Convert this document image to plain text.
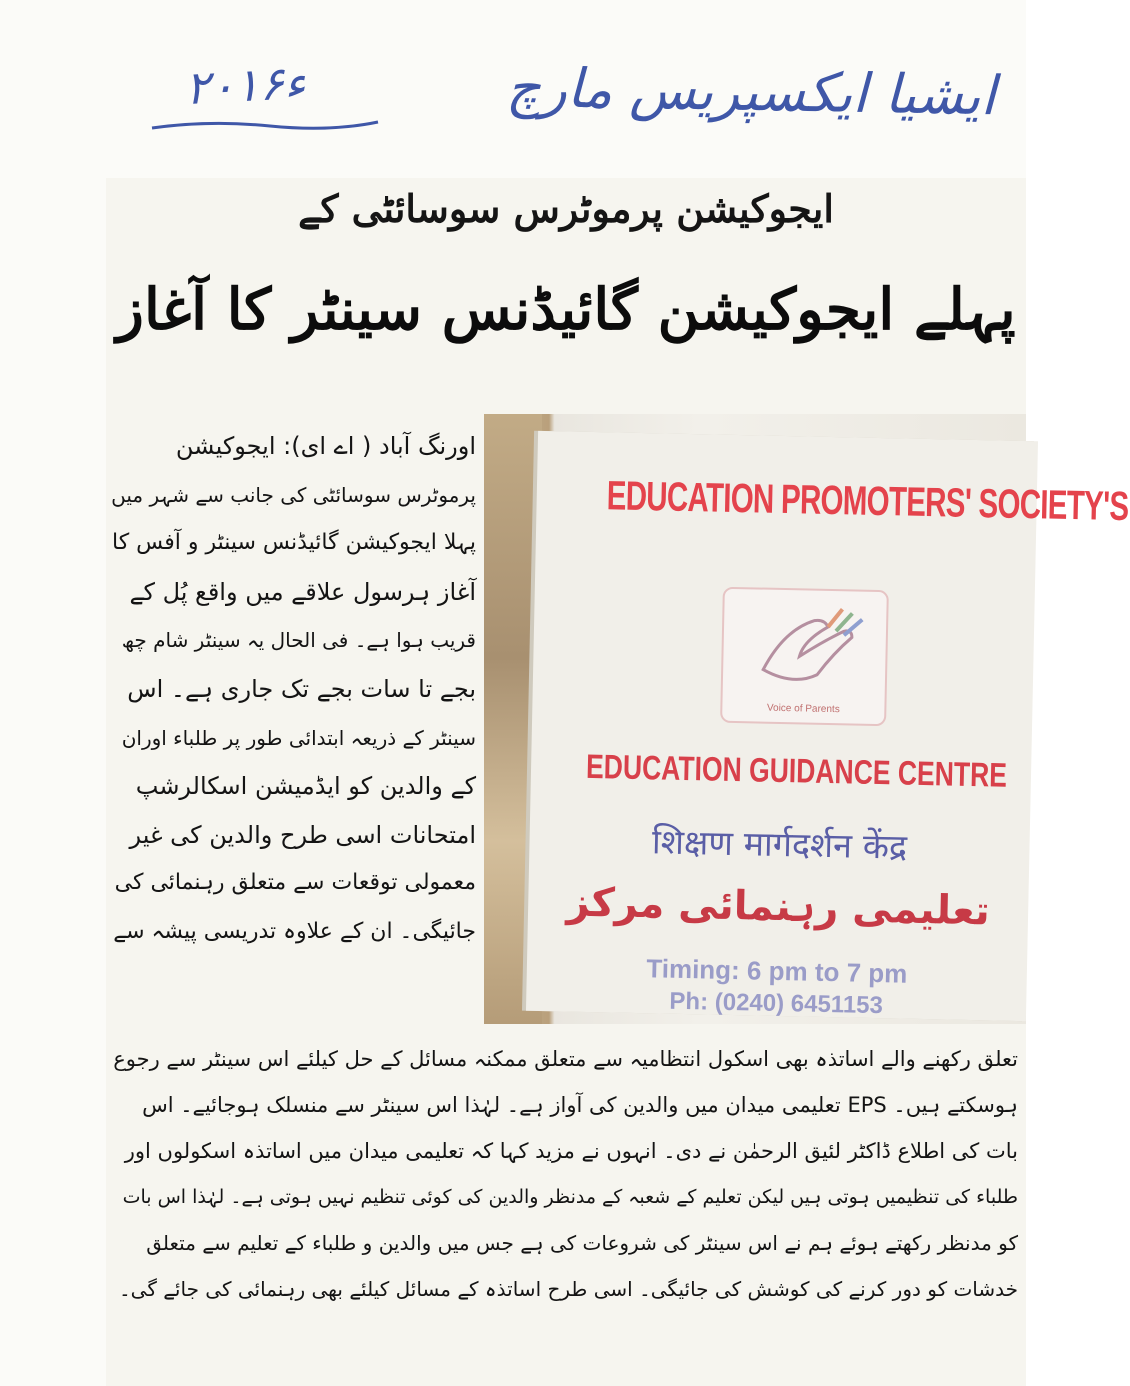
ایشیا ایکسپریس مارچ
۲۰۱۶ء
ایجوکیشن پرموٹرس سوسائٹی کے
پہلے ایجوکیشن گائیڈنس سینٹر کا آغاز
EDUCATION PROMOTERS' SOCIETY'S
Voice of Parents
EDUCATION GUIDANCE CENTRE
शिक्षण मार्गदर्शन केंद्र
تعلیمی رہنمائی مرکز
Timing: 6 pm to 7 pm
Ph: (0240) 6451153

اورنگ آباد ( اے ای): ایجوکیشن

پرموٹرس سوسائٹی کی جانب سے شہر میں

پہلا ایجوکیشن گائیڈنس سینٹر و آفس کا

آغاز ہرسول علاقے میں واقع پُل کے

قریب ہوا ہے۔ فی الحال یہ سینٹر شام چھ

بجے تا سات بجے تک جاری ہے۔ اس

سینٹر کے ذریعہ ابتدائی طور پر طلباء اوران

کے والدین کو ایڈمیشن اسکالرشپ

امتحانات اسی طرح والدین کی غیر

معمولی توقعات سے متعلق رہنمائی کی

جائیگی۔ ان کے علاوہ تدریسی پیشہ سے

تعلق رکھنے والے اساتذہ بھی اسکول انتظامیہ سے متعلق ممکنہ مسائل کے حل کیلئے اس سینٹر سے رجوع

ہوسکتے ہیں۔ EPS تعلیمی میدان میں والدین کی آواز ہے۔ لہٰذا اس سینٹر سے منسلک ہوجائیے۔ اس

بات کی اطلاع ڈاکٹر لئیق الرحمٰن نے دی۔ انہوں نے مزید کہا کہ تعلیمی میدان میں اساتذہ اسکولوں اور

طلباء کی تنظیمیں ہوتی ہیں لیکن تعلیم کے شعبہ کے مدنظر والدین کی کوئی تنظیم نہیں ہوتی ہے۔ لہٰذا اس بات

کو مدنظر رکھتے ہوئے ہم نے اس سینٹر کی شروعات کی ہے جس میں والدین و طلباء کے تعلیم سے متعلق

خدشات کو دور کرنے کی کوشش کی جائیگی۔ اسی طرح اساتذہ کے مسائل کیلئے بھی رہنمائی کی جائے گی۔
